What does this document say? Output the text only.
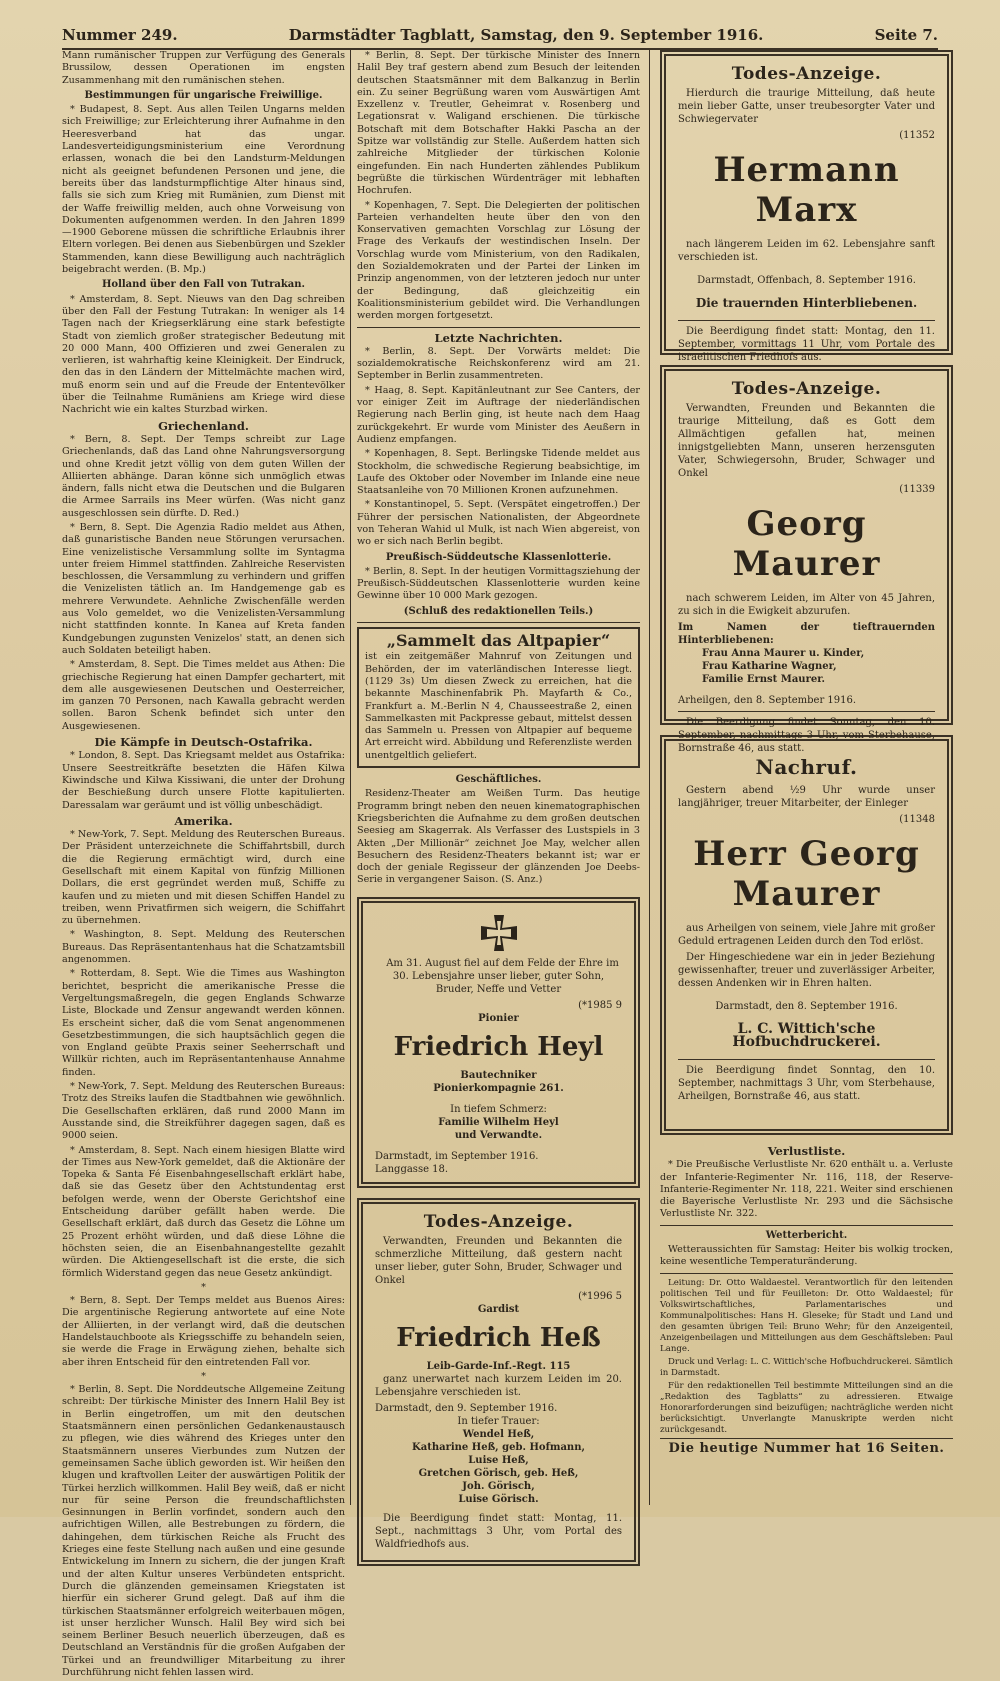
Nummer 249.	Darmstädter Tagblatt, Samstag, den 9. September 1916.	Seite 7.

Mann rumänischer Truppen zur Verfügung des Generals Brussilow, dessen Operationen im engsten Zusammenhang mit den rumänischen stehen.

Bestimmungen für ungarische Freiwillige.

* Budapest, 8. Sept. Aus allen Teilen Ungarns melden sich Freiwillige; zur Erleichterung ihrer Aufnahme in den Heeresverband hat das ungar. Landesverteidigungsministerium eine Verordnung erlassen, wonach die bei den Landsturm-Meldungen nicht als geeignet befundenen Personen und jene, die bereits über das landsturmpflichtige Alter hinaus sind, falls sie sich zum Krieg mit Rumänien, zum Dienst mit der Waffe freiwillig melden, auch ohne Vorweisung von Dokumenten aufgenommen werden. In den Jahren 1899—1900 Geborene müssen die schriftliche Erlaubnis ihrer Eltern vorlegen. Bei denen aus Siebenbürgen und Szekler Stammenden, kann diese Bewilligung auch nachträglich beigebracht werden. (B. Mp.)

Holland über den Fall von Tutrakan.

* Amsterdam, 8. Sept. Nieuws van den Dag schreiben über den Fall der Festung Tutrakan: In weniger als 14 Tagen nach der Kriegserklärung eine stark befestigte Stadt von ziemlich großer strategischer Bedeutung mit 20 000 Mann, 400 Offizieren und zwei Generalen zu verlieren, ist wahrhaftig keine Kleinigkeit. Der Eindruck, den das in den Ländern der Mittelmächte machen wird, muß enorm sein und auf die Freude der Ententevölker über die Teilnahme Rumäniens am Kriege wird diese Nachricht wie ein kaltes Sturzbad wirken.

Griechenland.

* Bern, 8. Sept. Der Temps schreibt zur Lage Griechenlands, daß das Land ohne Nahrungsversorgung und ohne Kredit jetzt völlig von dem guten Willen der Alliierten abhänge. Daran könne sich unmöglich etwas ändern, falls nicht etwa die Deutschen und die Bulgaren die Armee Sarrails ins Meer würfen. (Was nicht ganz ausgeschlossen sein dürfte. D. Red.)

* Bern, 8. Sept. Die Agenzia Radio meldet aus Athen, daß gunaristische Banden neue Störungen verursachen. Eine venizelistische Versammlung sollte im Syntagma unter freiem Himmel stattfinden. Zahlreiche Reservisten beschlossen, die Versammlung zu verhindern und griffen die Venizelisten tätlich an. Im Handgemenge gab es mehrere Verwundete. Aehnliche Zwischenfälle werden aus Volo gemeldet, wo die Venizelisten-Versammlung nicht stattfinden konnte. In Kanea auf Kreta fanden Kundgebungen zugunsten Venizelos' statt, an denen sich auch Soldaten beteiligt haben.

* Amsterdam, 8. Sept. Die Times meldet aus Athen: Die griechische Regierung hat einen Dampfer gechartert, mit dem alle ausgewiesenen Deutschen und Oesterreicher, im ganzen 70 Personen, nach Kawalla gebracht werden sollen. Baron Schenk befindet sich unter den Ausgewiesenen.

Die Kämpfe in Deutsch-Ostafrika.

* London, 8. Sept. Das Kriegsamt meldet aus Ostafrika: Unsere Seestreitkräfte besetzten die Häfen Kilwa Kiwindsche und Kilwa Kissiwani, die unter der Drohung der Beschießung durch unsere Flotte kapitulierten. Daressalam war geräumt und ist völlig unbeschädigt.

Amerika.

* New-York, 7. Sept. Meldung des Reuterschen Bureaus. Der Präsident unterzeichnete die Schiffahrtsbill, durch die die Regierung ermächtigt wird, durch eine Gesellschaft mit einem Kapital von fünfzig Millionen Dollars, die erst gegründet werden muß, Schiffe zu kaufen und zu mieten und mit diesen Schiffen Handel zu treiben, wenn Privatfirmen sich weigern, die Schiffahrt zu übernehmen.

* Washington, 8. Sept. Meldung des Reuterschen Bureaus. Das Repräsentantenhaus hat die Schatzamtsbill angenommen.

* Rotterdam, 8. Sept. Wie die Times aus Washington berichtet, bespricht die amerikanische Presse die Vergeltungsmaßregeln, die gegen Englands Schwarze Liste, Blockade und Zensur angewandt werden können. Es erscheint sicher, daß die vom Senat angenommenen Gesetzbestimmungen, die sich hauptsächlich gegen die von England geübte Praxis seiner Seeherrschaft und Willkür richten, auch im Repräsentantenhause Annahme finden.

* New-York, 7. Sept. Meldung des Reuterschen Bureaus: Trotz des Streiks laufen die Stadtbahnen wie gewöhnlich. Die Gesellschaften erklären, daß rund 2000 Mann im Ausstande sind, die Streikführer dagegen sagen, daß es 9000 seien.

* Amsterdam, 8. Sept. Nach einem hiesigen Blatte wird der Times aus New-York gemeldet, daß die Aktionäre der Topeka & Santa Fé Eisenbahngesellschaft erklärt habe, daß sie das Gesetz über den Achtstundentag erst befolgen werde, wenn der Oberste Gerichtshof eine Entscheidung darüber gefällt haben werde. Die Gesellschaft erklärt, daß durch das Gesetz die Löhne um 25 Prozent erhöht würden, und daß diese Löhne die höchsten seien, die an Eisenbahnangestellte gezahlt würden. Die Aktiengesellschaft ist die erste, die sich förmlich Widerstand gegen das neue Gesetz ankündigt.

*

* Bern, 8. Sept. Der Temps meldet aus Buenos Aires: Die argentinische Regierung antwortete auf eine Note der Alliierten, in der verlangt wird, daß die deutschen Handelstauchboote als Kriegsschiffe zu behandeln seien, sie werde die Frage in Erwägung ziehen, behalte sich aber ihren Entscheid für den eintretenden Fall vor.

*

* Berlin, 8. Sept. Die Norddeutsche Allgemeine Zeitung schreibt: Der türkische Minister des Innern Halil Bey ist in Berlin eingetroffen, um mit den deutschen Staatsmännern einen persönlichen Gedankenaustausch zu pflegen, wie dies während des Krieges unter den Staatsmännern unseres Vierbundes zum Nutzen der gemeinsamen Sache üblich geworden ist. Wir heißen den klugen und kraftvollen Leiter der auswärtigen Politik der Türkei herzlich willkommen. Halil Bey weiß, daß er nicht nur für seine Person die freundschaftlichsten Gesinnungen in Berlin vorfindet, sondern auch den aufrichtigen Willen, alle Bestrebungen zu fördern, die dahingehen, dem türkischen Reiche als Frucht des Krieges eine feste Stellung nach außen und eine gesunde Entwickelung im Innern zu sichern, die der jungen Kraft und der alten Kultur unseres Verbündeten entspricht. Durch die glänzenden gemeinsamen Kriegstaten ist hierfür ein sicherer Grund gelegt. Daß auf ihm die türkischen Staatsmänner erfolgreich weiterbauen mögen, ist unser herzlicher Wunsch. Halil Bey wird sich bei seinem Berliner Besuch neuerlich überzeugen, daß es Deutschland an Verständnis für die großen Aufgaben der Türkei und an freundwilliger Mitarbeitung zu ihrer Durchführung nicht fehlen lassen wird.

* Berlin, 8. Sept. Der türkische Minister des Innern Halil Bey traf gestern abend zum Besuch der leitenden deutschen Staatsmänner mit dem Balkanzug in Berlin ein. Zu seiner Begrüßung waren vom Auswärtigen Amt Exzellenz v. Treutler, Geheimrat v. Rosenberg und Legationsrat v. Waligand erschienen. Die türkische Botschaft mit dem Botschafter Hakki Pascha an der Spitze war vollständig zur Stelle. Außerdem hatten sich zahlreiche Mitglieder der türkischen Kolonie eingefunden. Ein nach Hunderten zählendes Publikum begrüßte die türkischen Würdenträger mit lebhaften Hochrufen.

* Kopenhagen, 7. Sept. Die Delegierten der politischen Parteien verhandelten heute über den von den Konservativen gemachten Vorschlag zur Lösung der Frage des Verkaufs der westindischen Inseln. Der Vorschlag wurde vom Ministerium, von den Radikalen, den Sozialdemokraten und der Partei der Linken im Prinzip angenommen, von der letzteren jedoch nur unter der Bedingung, daß gleichzeitig ein Koalitionsministerium gebildet wird. Die Verhandlungen werden morgen fortgesetzt.

Letzte Nachrichten.

* Berlin, 8. Sept. Der Vorwärts meldet: Die sozialdemokratische Reichskonferenz wird am 21. September in Berlin zusammentreten.

* Haag, 8. Sept. Kapitänleutnant zur See Canters, der vor einiger Zeit im Auftrage der niederländischen Regierung nach Berlin ging, ist heute nach dem Haag zurückgekehrt. Er wurde vom Minister des Aeußern in Audienz empfangen.

* Kopenhagen, 8. Sept. Berlingske Tidende meldet aus Stockholm, die schwedische Regierung beabsichtige, im Laufe des Oktober oder November im Inlande eine neue Staatsanleihe von 70 Millionen Kronen aufzunehmen.

* Konstantinopel, 5. Sept. (Verspätet eingetroffen.) Der Führer der persischen Nationalisten, der Abgeordnete von Teheran Wahid ul Mulk, ist nach Wien abgereist, von wo er sich nach Berlin begibt.

Preußisch-Süddeutsche Klassenlotterie.

* Berlin, 8. Sept. In der heutigen Vormittagsziehung der Preußisch-Süddeutschen Klassenlotterie wurden keine Gewinne über 10 000 Mark gezogen.

(Schluß des redaktionellen Teils.)
„Sammelt das Altpapier“
ist ein zeitgemäßer Mahnruf von Zeitungen und Behörden, der im vaterländischen Interesse liegt. (1129 3s) Um diesen Zweck zu erreichen, hat die bekannte Maschinenfabrik Ph. Mayfarth & Co., Frankfurt a. M.-Berlin N 4, Chausseestraße 2, einen Sammelkasten mit Packpresse gebaut, mittelst dessen das Sammeln u. Pressen von Altpapier auf bequeme Art erreicht wird. Abbildung und Referenzliste werden unentgeltlich geliefert.
Geschäftliches.

Residenz-Theater am Weißen Turm. Das heutige Programm bringt neben den neuen kinematographischen Kriegsberichten die Aufnahme zu dem großen deutschen Seesieg am Skagerrak. Als Verfasser des Lustspiels in 3 Akten „Der Millionär“ zeichnet Joe May, welcher allen Besuchern des Residenz-Theaters bekannt ist; war er doch der geniale Regisseur der glänzenden Joe Deebs-Serie in vergangener Saison. (S. Anz.)

Am 31. August fiel auf dem Felde der Ehre im 30. Lebensjahre unser lieber, guter Sohn, Bruder, Neffe und Vetter

(*1985 9
Pionier
Friedrich Heyl
Bautechniker
Pionierkompagnie 261.
In tiefem Schmerz:
Familie Wilhelm Heyl
und Verwandte.
Darmstadt, im September 1916.
Langgasse 18.
Todes-Anzeige.

Verwandten, Freunden und Bekannten die schmerzliche Mitteilung, daß gestern nacht unser lieber, guter Sohn, Bruder, Schwager und Onkel

(*1996 5
Gardist
Friedrich Heß
Leib-Garde-Inf.-Regt. 115

ganz unerwartet nach kurzem Leiden im 20. Lebensjahre verschieden ist.

Darmstadt, den 9. September 1916.
In tiefer Trauer:
Wendel Heß,
Katharine Heß, geb. Hofmann,
Luise Heß,
Gretchen Görisch, geb. Heß,
Joh. Görisch,
Luise Görisch.

Die Beerdigung findet statt: Montag, 11. Sept., nachmittags 3 Uhr, vom Portal des Waldfriedhofs aus.

Todes-Anzeige.

Hierdurch die traurige Mitteilung, daß heute mein lieber Gatte, unser treubesorgter Vater und Schwiegervater

(11352
Hermann Marx

nach längerem Leiden im 62. Lebensjahre sanft verschieden ist.

Darmstadt, Offenbach, 8. September 1916.
Die trauernden Hinterbliebenen.

Die Beerdigung findet statt: Montag, den 11. September, vormittags 11 Uhr, vom Portale des israelitischen Friedhofs aus.

Todes-Anzeige.

Verwandten, Freunden und Bekannten die traurige Mitteilung, daß es Gott dem Allmächtigen gefallen hat, meinen innigstgeliebten Mann, unseren herzensguten Vater, Schwiegersohn, Bruder, Schwager und Onkel

(11339
Georg Maurer

nach schwerem Leiden, im Alter von 45 Jahren, zu sich in die Ewigkeit abzurufen.

Im Namen der tieftrauernden Hinterbliebenen:
Frau Anna Maurer u. Kinder,
Frau Katharine Wagner,
Familie Ernst Maurer.
Arheilgen, den 8. September 1916.

Die Beerdigung findet Sonntag, den 10. September, nachmittags 3 Uhr, vom Sterbehause, Bornstraße 46, aus statt.

Nachruf.

Gestern abend ½9 Uhr wurde unser langjähriger, treuer Mitarbeiter, der Einleger

(11348
Herr Georg Maurer

aus Arheilgen von seinem, viele Jahre mit großer Geduld ertragenen Leiden durch den Tod erlöst.

Der Hingeschiedene war ein in jeder Beziehung gewissenhafter, treuer und zuverlässiger Arbeiter, dessen Andenken wir in Ehren halten.

Darmstadt, den 8. September 1916.
L. C. Wittich'sche Hofbuchdruckerei.

Die Beerdigung findet Sonntag, den 10. September, nachmittags 3 Uhr, vom Sterbehause, Arheilgen, Bornstraße 46, aus statt.

Verlustliste.

* Die Preußische Verlustliste Nr. 620 enthält u. a. Verluste der Infanterie-Regimenter Nr. 116, 118, der Reserve-Infanterie-Regimenter Nr. 118, 221. Weiter sind erschienen die Bayerische Verlustliste Nr. 293 und die Sächsische Verlustliste Nr. 322.

Wetterbericht.

Wetteraussichten für Samstag: Heiter bis wolkig trocken, keine wesentliche Temperaturänderung.

Leitung: Dr. Otto Waldaestel. Verantwortlich für den leitenden politischen Teil und für Feuilleton: Dr. Otto Waldaestel; für Volkswirtschaftliches, Parlamentarisches und Kommunalpolitisches: Hans H. Gleseke; für Stadt und Land und den gesamten übrigen Teil: Bruno Wehr; für den Anzeigenteil, Anzeigenbeilagen und Mitteilungen aus dem Geschäftsleben: Paul Lange.

Druck und Verlag: L. C. Wittich'sche Hofbuchdruckerei. Sämtlich in Darmstadt.

Für den redaktionellen Teil bestimmte Mitteilungen sind an die „Redaktion des Tagblatts“ zu adressieren. Etwaige Honorarforderungen sind beizufügen; nachträgliche werden nicht berücksichtigt. Unverlangte Manuskripte werden nicht zurückgesandt.

Die heutige Nummer hat 16 Seiten.
